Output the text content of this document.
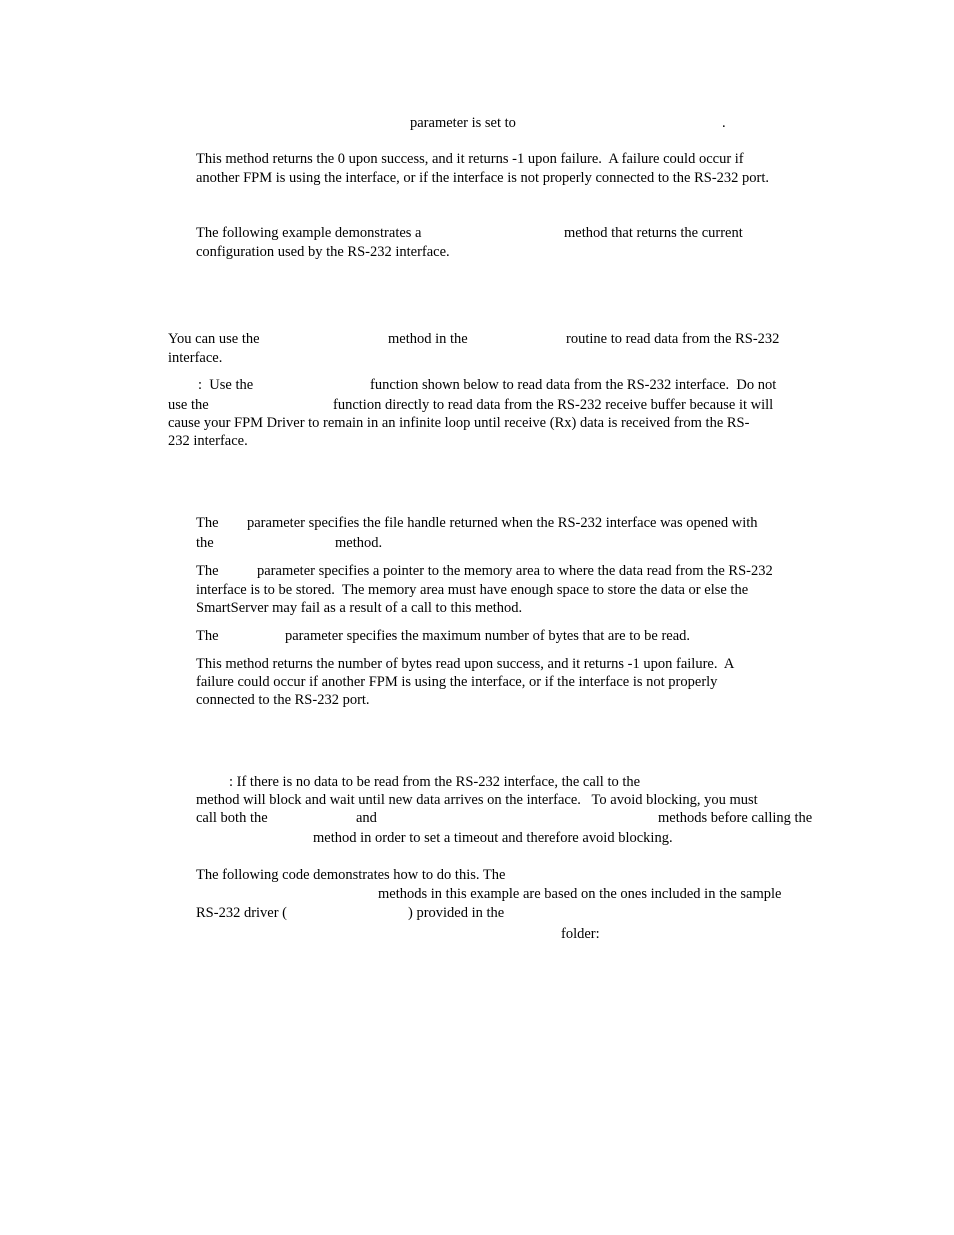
parameter is set to	.
This method returns the 0 upon success, and it returns -1 upon failure.  A failure could occur if
another FPM is using the interface, or if the interface is not properly connected to the RS-232 port.
The following example demonstrates a	method that returns the current
configuration used by the RS-232 interface.
You can use the	method in the	routine to read data from the RS-232
interface.
:  Use the	function shown below to read data from the RS-232 interface.  Do not
use the	function directly to read data from the RS-232 receive buffer because it will
cause your FPM Driver to remain in an infinite loop until receive (Rx) data is received from the RS-
232 interface.
The parameter specifies the file handle returned when the RS-232 interface was opened with
the	method.
The	parameter specifies a pointer to the memory area to where the data read from the RS-232
interface is to be stored.  The memory area must have enough space to store the data or else the
SmartServer may fail as a result of a call to this method.
The	parameter specifies the maximum number of bytes that are to be read.
This method returns the number of bytes read upon success, and it returns -1 upon failure.  A
failure could occur if another FPM is using the interface, or if the interface is not properly
connected to the RS-232 port.
: If there is no data to be read from the RS-232 interface, the call to the
method will block and wait until new data arrives on the interface.   To avoid blocking, you must
call both the	and	methods before calling the
method in order to set a timeout and therefore avoid blocking.
The following code demonstrates how to do this. The
methods in this example are based on the ones included in the sample
RS-232 driver (	) provided in the
folder:
